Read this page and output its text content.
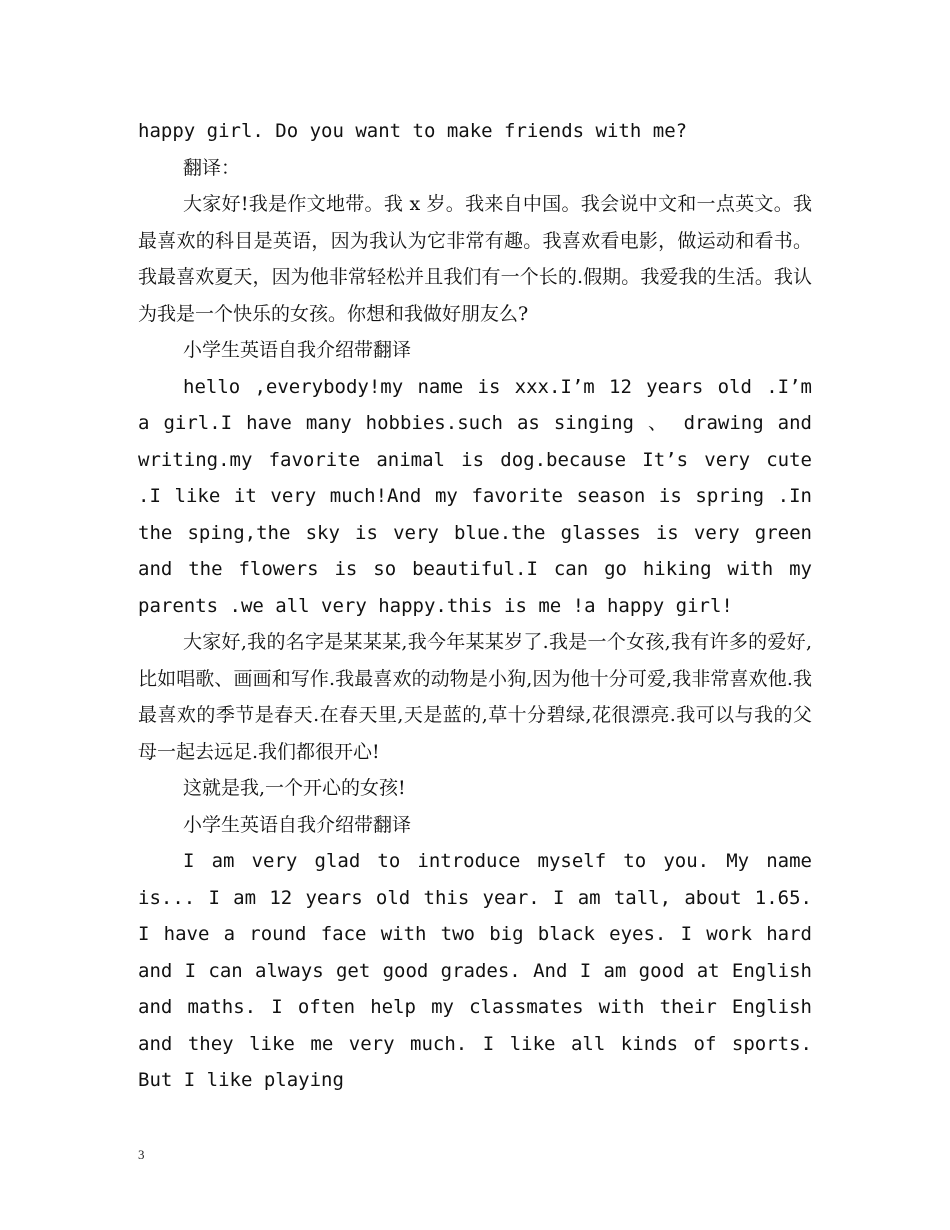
happy girl. Do you want to make friends with me?

翻译：

大家好!我是作文地带。我 x 岁。我来自中国。我会说中文和一点英文。我最喜欢的科目是英语，因为我认为它非常有趣。我喜欢看电影，做运动和看书。我最喜欢夏天，因为他非常轻松并且我们有一个长的.假期。我爱我的生活。我认为我是一个快乐的女孩。你想和我做好朋友么?

小学生英语自我介绍带翻译

hello ,everybody!my name is xxx.I’m 12 years old .I’m a girl.I have many hobbies.such as singing 、 drawing and writing.my favorite animal is dog.because It’s very cute .I like it very much!And my favorite season is spring .In the sping,the sky is very blue.the glasses is very green and the flowers is so beautiful.I can go hiking with my parents .we all very happy.this is me !a happy girl!

大家好,我的名字是某某某,我今年某某岁了.我是一个女孩,我有许多的爱好,比如唱歌、画画和写作.我最喜欢的动物是小狗,因为他十分可爱,我非常喜欢他.我最喜欢的季节是春天.在春天里,天是蓝的,草十分碧绿,花很漂亮.我可以与我的父母一起去远足.我们都很开心!

这就是我,一个开心的女孩!

小学生英语自我介绍带翻译

I am very glad to introduce myself to you. My name is... I am 12 years old this year. I am tall, about 1.65. I have a round face with two big black eyes. I work hard and I can always get good grades. And I am good at English and maths. I often help my classmates with their English and they like me very much. I like all kinds of sports. But I like playing

3
